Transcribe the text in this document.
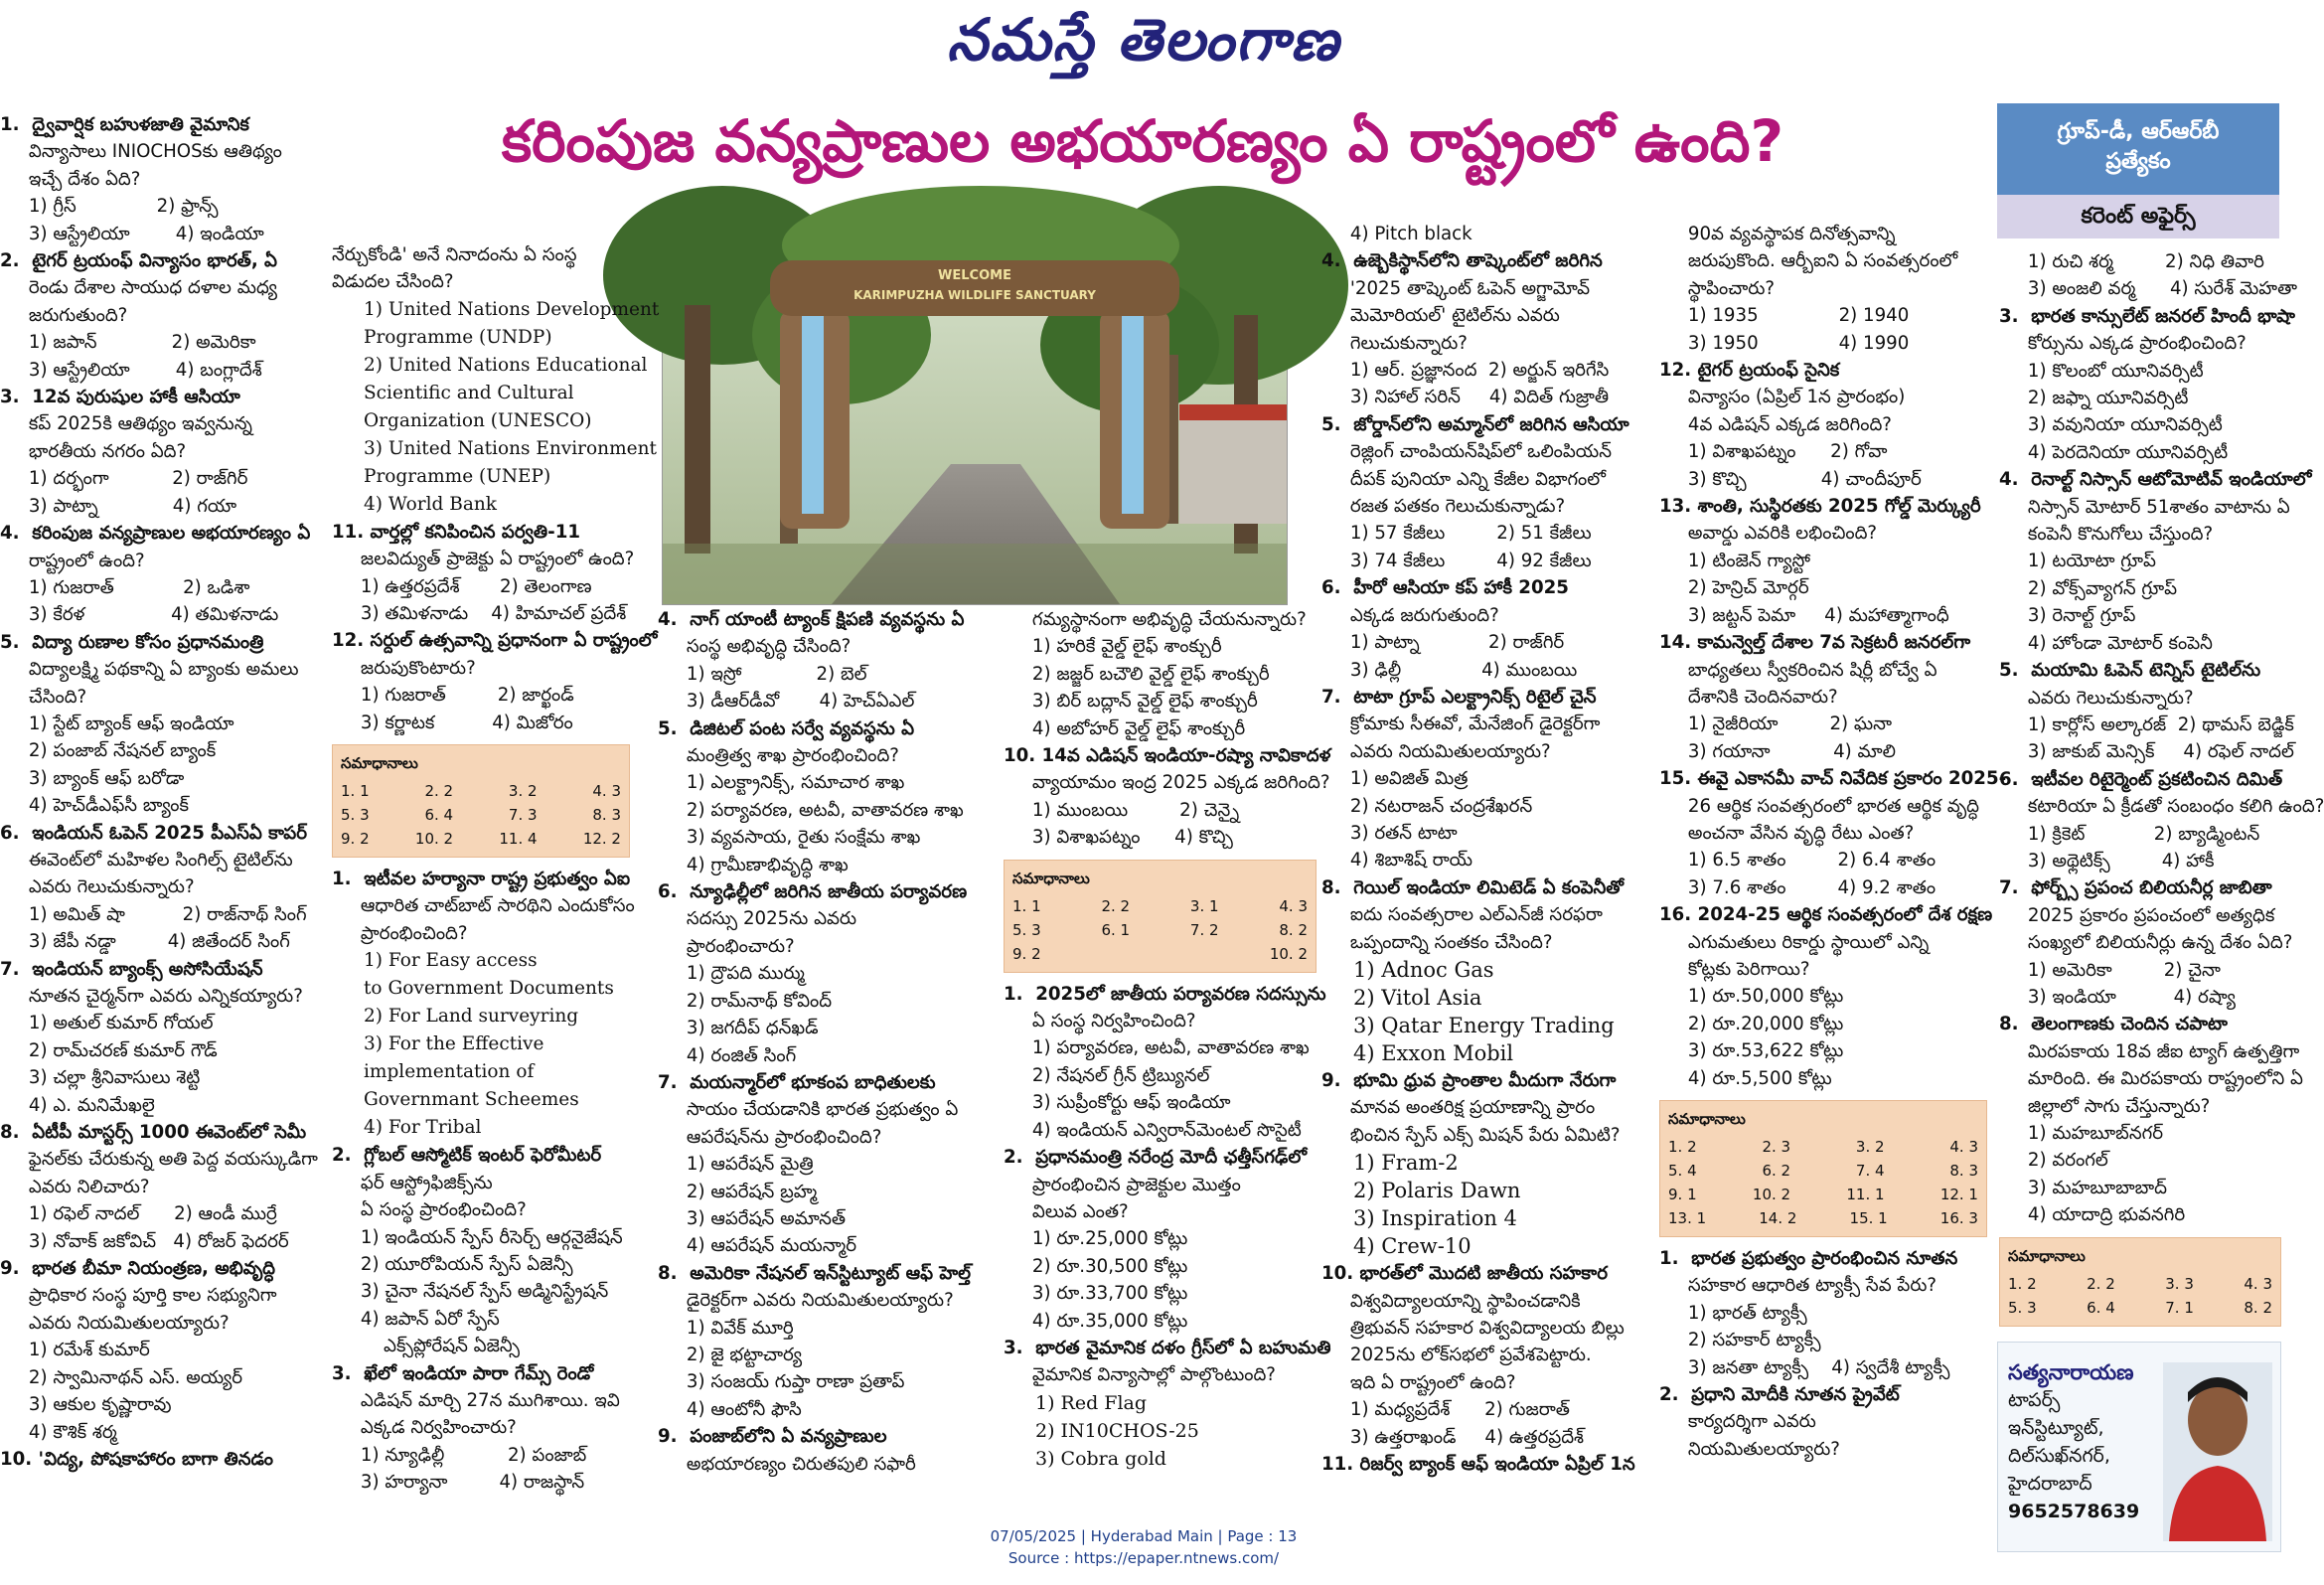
నమస్తే తెలంగాణ
కరింపుజ వన్యప్రాణుల అభయారణ్యం ఏ రాష్ట్రంలో ఉంది?	గ్రూప్-డీ, ఆర్ఆర్‌బీ
ప్రత్యేకం
కరెంట్ అఫైర్స్
WELCOME
KARIMPUZHA WILDLIFE SANCTUARY
1.  ద్వైవార్షిక బహుళజాతి వైమానిక
విన్యాసాలు INIOCHOSకు ఆతిథ్యం
ఇచ్చే దేశం ఏది?
1) గ్రీస్              2) ఫ్రాన్స్
3) ఆస్ట్రేలియా        4) ఇండియా
2.  టైగర్ ట్రయంఫ్ విన్యాసం భారత్, ఏ
రెండు దేశాల సాయుధ దళాల మధ్య
జరుగుతుంది?
1) జపాన్             2) అమెరికా
3) ఆస్ట్రేలియా        4) బంగ్లాదేశ్
3.  12వ పురుషుల హాకీ ఆసియా
కప్ 2025కి ఆతిథ్యం ఇవ్వనున్న
భారతీయ నగరం ఏది?
1) దర్భంగా           2) రాజ్‌గిర్
3) పాట్నా             4) గయా
4.  కరింపుజ వన్యప్రాణుల అభయారణ్యం ఏ
రాష్ట్రంలో ఉంది?
1) గుజరాత్            2) ఒడిశా
3) కేరళ               4) తమిళనాడు
5.  విద్యా రుణాల కోసం ప్రధానమంత్రి
విద్యాలక్ష్మి పథకాన్ని ఏ బ్యాంకు అమలు
చేసింది?
1) స్టేట్ బ్యాంక్ ఆఫ్ ఇండియా
2) పంజాబ్ నేషనల్ బ్యాంక్
3) బ్యాంక్ ఆఫ్ బరోడా
4) హెచ్‌డీఎఫ్‌సీ బ్యాంక్
6.  ఇండియన్ ఓపెన్ 2025 పీఎస్ఏ కాపర్
ఈవెంట్‌లో మహిళల సింగిల్స్ టైటిల్‌ను
ఎవరు గెలుచుకున్నారు?
1) అమిత్ షా          2) రాజ్‌నాథ్ సింగ్
3) జేపీ నడ్డా         4) జితేందర్ సింగ్
7.  ఇండియన్ బ్యాంక్స్ అసోసియేషన్
నూతన చైర్మన్‌గా ఎవరు ఎన్నికయ్యారు?
1) అతుల్ కుమార్ గోయల్
2) రామ్‌చరణ్ కుమార్ గౌడ్
3) చల్లా శ్రీనివాసులు శెట్టి
4) ఎ. మనిమేఖలై
8.  ఏటీపీ మాస్టర్స్ 1000 ఈవెంట్‌లో సెమీ
ఫైనల్‌కు చేరుకున్న అతి పెద్ద వయస్కుడిగా
ఎవరు నిలిచారు?
1) రఫెల్ నాదల్      2) ఆండీ ముర్రే
3) నోవాక్ జకోవిచ్   4) రోజర్ ఫెదరర్
9.  భారత బీమా నియంత్రణ, అభివృద్ధి
ప్రాధికార సంస్థ పూర్తి కాల సభ్యునిగా
ఎవరు నియమితులయ్యారు?
1) రమేశ్ కుమార్
2) స్వామినాథన్ ఎస్. అయ్యర్
3) ఆకుల కృష్ణారావు
4) కౌశిక్ శర్మ
10. 'విద్య, పోషకాహారం బాగా తినడం
నేర్చుకోండి' అనే నినాదంను ఏ సంస్థ
విడుదల చేసింది?
1) United Nations Development
Programme (UNDP)
2) United Nations Educational
Scientific and Cultural
Organization (UNESCO)
3) United Nations Environment
Programme (UNEP)
4) World Bank
11. వార్తల్లో కనిపించిన పర్వతి-11
జలవిద్యుత్ ప్రాజెక్టు ఏ రాష్ట్రంలో ఉంది?
1) ఉత్తరప్రదేశ్       2) తెలంగాణ
3) తమిళనాడు    4) హిమాచల్ ప్రదేశ్
12. సర్దుల్ ఉత్సవాన్ని ప్రధానంగా ఏ రాష్ట్రంలో
జరుపుకొంటారు?
1) గుజరాత్         2) జార్ఖండ్
3) కర్ణాటక          4) మిజోరం
సమాధానాలు
1. 1	2. 2	3. 2	4. 3
5. 3	6. 4	7. 3	8. 3
9. 2	10. 2	11. 4	12. 2
1.  ఇటీవల హర్యానా రాష్ట్ర ప్రభుత్వం ఏఐ
ఆధారిత చాట్‌బాట్ సారథిని ఎందుకోసం
ప్రారంభించింది?
1) For Easy access
to Government Documents
2) For Land surveyring
3) For the Effective
implementation of
Governmant Scheemes
4) For Tribal
2.  గ్లోబల్ ఆస్మోటిక్ ఇంటర్ ఫెరోమీటర్
ఫర్ ఆస్ట్రోఫిజిక్స్‌ను
ఏ సంస్థ ప్రారంభించింది?
1) ఇండియన్ స్పేస్ రీసెర్చ్ ఆర్గనైజేషన్
2) యూరోపియన్ స్పేస్ ఏజెన్సీ
3) చైనా నేషనల్ స్పేస్ అడ్మినిస్ట్రేషన్
4) జపాన్ ఏరో స్పేస్
ఎక్స్‌ప్లోరేషన్ ఏజెన్సీ
3.  ఖేలో ఇండియా పారా గేమ్స్ రెండో
ఎడిషన్ మార్చి 27న ముగిశాయి. ఇవి
ఎక్కడ నిర్వహించారు?
1) న్యూఢిల్లీ           2) పంజాబ్
3) హర్యానా         4) రాజస్థాన్
4.  నాగ్ యాంటీ ట్యాంక్ క్షిపణి వ్యవస్థను ఏ
సంస్థ అభివృద్ధి చేసింది?
1) ఇస్రో             2) బెల్
3) డీఆర్‌డీవో       4) హెచ్ఏఎల్
5.  డిజిటల్ పంట సర్వే వ్యవస్థను ఏ
మంత్రిత్వ శాఖ ప్రారంభించింది?
1) ఎలక్ట్రానిక్స్, సమాచార శాఖ
2) పర్యావరణ, అటవీ, వాతావరణ శాఖ
3) వ్యవసాయ, రైతు సంక్షేమ శాఖ
4) గ్రామీణాభివృద్ధి శాఖ
6.  న్యూఢిల్లీలో జరిగిన జాతీయ పర్యావరణ
సదస్సు 2025ను ఎవరు
ప్రారంభించారు?
1) ద్రౌపది ముర్ము
2) రామ్‌నాథ్ కోవింద్
3) జగదీప్ ధన్‌ఖడ్
4) రంజిత్ సింగ్
7.  మయన్మార్‌లో భూకంప బాధితులకు
సాయం చేయడానికి భారత ప్రభుత్వం ఏ
ఆపరేషన్‌ను ప్రారంభించింది?
1) ఆపరేషన్ మైత్రి
2) ఆపరేషన్ బ్రహ్మ
3) ఆపరేషన్ అమానత్
4) ఆపరేషన్ మయన్మార్
8.  అమెరికా నేషనల్ ఇన్‌స్టిట్యూట్ ఆఫ్ హెల్త్
డైరెక్టర్‌గా ఎవరు నియమితులయ్యారు?
1) వివేక్ మూర్తి
2) జై భట్టాచార్య
3) సంజయ్ గుప్తా రాణా ప్రతాప్
4) ఆంటోనీ ఫౌసి
9.  పంజాబ్‌లోని ఏ వన్యప్రాణుల
అభయారణ్యం చిరుతపులి సఫారీ
గమ్యస్థానంగా అభివృద్ధి చేయనున్నారు?
1) హరికే వైల్డ్ లైఫ్ శాంక్చురీ
2) జజ్జర్ బచౌలి వైల్డ్ లైఫ్ శాంక్చురీ
3) బిర్ బద్లాన్ వైల్డ్ లైఫ్ శాంక్చురీ
4) అబోహర్ వైల్డ్ లైఫ్ శాంక్చురీ
10. 14వ ఎడిషన్ ఇండియా-రష్యా నావికాదళ
వ్యాయామం ఇంద్ర 2025 ఎక్కడ జరిగింది?
1) ముంబయి         2) చెన్నై
3) విశాఖపట్నం      4) కొచ్చి
సమాధానాలు
1. 1	2. 2	3. 1	4. 3
5. 3	6. 1	7. 2	8. 2
9. 2	10. 2
1.  2025లో జాతీయ పర్యావరణ సదస్సును
ఏ సంస్థ నిర్వహించింది?
1) పర్యావరణ, అటవీ, వాతావరణ శాఖ
2) నేషనల్ గ్రీన్ ట్రిబ్యునల్
3) సుప్రీంకోర్టు ఆఫ్ ఇండియా
4) ఇండియన్ ఎన్విరాన్‌మెంటల్ సొసైటీ
2.  ప్రధానమంత్రి నరేంద్ర మోదీ ఛత్తీస్‌గఢ్‌లో
ప్రారంభించిన ప్రాజెక్టుల మొత్తం
విలువ ఎంత?
1) రూ.25,000 కోట్లు
2) రూ.30,500 కోట్లు
3) రూ.33,700 కోట్లు
4) రూ.35,000 కోట్లు
3.  భారత వైమానిక దళం గ్రీస్‌లో ఏ బహుమతి
వైమానిక విన్యాసాల్లో పాల్గొంటుంది?
1) Red Flag
2) IN10CHOS-25
3) Cobra gold
4) Pitch black
4.  ఉజ్బెకిస్థాన్‌లోని తాష్కెంట్‌లో జరిగిన
'2025 తాష్కెంట్ ఓపెన్ అగ్జామోవ్
మెమోరియల్' టైటిల్‌ను ఎవరు
గెలుచుకున్నారు?
1) ఆర్. ప్రజ్ఞానంద  2) అర్జున్ ఇరిగేసి
3) నిహాల్ సరిన్     4) విదిత్ గుజ్రాతీ
5.  జోర్డాన్‌లోని అమ్మాన్‌లో జరిగిన ఆసియా
రెజ్లింగ్ చాంపియన్‌షిప్‌లో ఒలింపియన్
దీపక్ పునియా ఎన్ని కేజీల విభాగంలో
రజత పతకం గెలుచుకున్నాడు?
1) 57 కేజీలు         2) 51 కేజీలు
3) 74 కేజీలు         4) 92 కేజీలు
6.  హీరో ఆసియా కప్ హాకీ 2025
ఎక్కడ జరుగుతుంది?
1) పాట్నా            2) రాజ్‌గిర్
3) ఢిల్లీ              4) ముంబయి
7.  టాటా గ్రూప్ ఎలక్ట్రానిక్స్ రిటైల్ చైన్
క్రోమాకు సీఈవో, మేనేజింగ్ డైరెక్టర్‌గా
ఎవరు నియమితులయ్యారు?
1) అవిజిత్ మిత్ర
2) నటరాజన్ చంద్రశేఖరన్
3) రతన్ టాటా
4) శిబాశిష్ రాయ్
8.  గెయిల్ ఇండియా లిమిటెడ్ ఏ కంపెనీతో
ఐదు సంవత్సరాల ఎల్ఎన్‌జీ సరఫరా
ఒప్పందాన్ని సంతకం చేసింది?
1) Adnoc Gas
2) Vitol Asia
3) Qatar Energy Trading
4) Exxon Mobil
9.  భూమి ధ్రువ ప్రాంతాల మీదుగా నేరుగా
మానవ అంతరిక్ష ప్రయాణాన్ని ప్రారం
భించిన స్పేస్ ఎక్స్ మిషన్ పేరు ఏమిటి?
1) Fram-2
2) Polaris Dawn
3) Inspiration 4
4) Crew-10
10. భారత్‌లో మొదటి జాతీయ సహకార
విశ్వవిద్యాలయాన్ని స్థాపించడానికి
త్రిభువన్ సహకార విశ్వవిద్యాలయ బిల్లు
2025ను లోక్‌సభలో ప్రవేశపెట్టారు.
ఇది ఏ రాష్ట్రంలో ఉంది?
1) మధ్యప్రదేశ్      2) గుజరాత్
3) ఉత్తరాఖండ్     4) ఉత్తరప్రదేశ్
11. రిజర్వ్ బ్యాంక్ ఆఫ్ ఇండియా ఏప్రిల్ 1న
90వ వ్యవస్థాపక దినోత్సవాన్ని
జరుపుకొంది. ఆర్బీఐని ఏ సంవత్సరంలో
స్థాపించారు?
1) 1935              2) 1940
3) 1950              4) 1990
12. టైగర్ ట్రయంఫ్ సైనిక
విన్యాసం (ఏప్రిల్ 1న ప్రారంభం)
4వ ఎడిషన్ ఎక్కడ జరిగింది?
1) విశాఖపట్నం      2) గోవా
3) కొచ్చి             4) చాందీపూర్
13. శాంతి, సుస్థిరతకు 2025 గోల్డ్ మెర్క్యురీ
అవార్డు ఎవరికి లభించింది?
1) టింజెన్ గ్యాస్టో
2) హెన్రిచ్ మోర్గర్
3) జట్టన్ పెమా     4) మహాత్మాగాంధీ
14. కామన్వెల్త్ దేశాల 7వ సెక్రటరీ జనరల్‌గా
బాధ్యతలు స్వీకరించిన షిర్లీ బోచ్వే ఏ
దేశానికి చెందినవారు?
1) నైజీరియా         2) ఘనా
3) గయానా           4) మాలి
15. ఈవై ఎకానమీ వాచ్ నివేదిక ప్రకారం 2025-
26 ఆర్థిక సంవత్సరంలో భారత ఆర్థిక వృద్ధి
అంచనా వేసిన వృద్ధి రేటు ఎంత?
1) 6.5 శాతం         2) 6.4 శాతం
3) 7.6 శాతం         4) 9.2 శాతం
16. 2024-25 ఆర్థిక సంవత్సరంలో దేశ రక్షణ
ఎగుమతులు రికార్డు స్థాయిలో ఎన్ని
కోట్లకు పెరిగాయి?
1) రూ.50,000 కోట్లు
2) రూ.20,000 కోట్లు
3) రూ.53,622 కోట్లు
4) రూ.5,500 కోట్లు
సమాధానాలు
1. 2	2. 3	3. 2	4. 3
5. 4	6. 2	7. 4	8. 3
9. 1	10. 2	11. 1	12. 1
13. 1	14. 2	15. 1	16. 3
1.  భారత ప్రభుత్వం ప్రారంభించిన నూతన
సహకార ఆధారిత ట్యాక్సీ సేవ పేరు?
1) భారత్ ట్యాక్సీ
2) సహకార్ ట్యాక్సీ
3) జనతా ట్యాక్సీ    4) స్వదేశీ ట్యాక్సీ
2.  ప్రధాని మోదీకి నూతన ప్రైవేట్
కార్యదర్శిగా ఎవరు
నియమితులయ్యారు?
1) రుచి శర్మ         2) నిధి తివారి
3) అంజలి వర్మ      4) సురేశ్ మెహతా
3.  భారత కాన్సులేట్ జనరల్ హిందీ భాషా
కోర్సును ఎక్కడ ప్రారంభించింది?
1) కొలంబో యూనివర్సిటీ
2) జఫ్నా యూనివర్సిటీ
3) వవునియా యూనివర్సిటీ
4) పెరదెనియా యూనివర్సిటీ
4.  రెనాల్ట్ నిస్సాన్ ఆటోమోటివ్ ఇండియాలో
నిస్సాన్ మోటార్ 51శాతం వాటాను ఏ
కంపెనీ కొనుగోలు చేస్తుంది?
1) టయోటా గ్రూప్
2) వోక్స్‌వ్యాగన్ గ్రూప్
3) రెనాల్ట్ గ్రూప్
4) హోండా మోటార్ కంపెనీ
5.  మయామి ఓపెన్ టెన్నిస్ టైటిల్‌ను
ఎవరు గెలుచుకున్నారు?
1) కార్లోస్ అల్కారజ్  2) థామస్ బెడ్జిక్
3) జాకుబ్ మెన్సిక్     4) రఫెల్ నాదల్
6.  ఇటీవల రిటైర్మెంట్ ప్రకటించిన దిమిత్
కటారియా ఏ క్రీడతో సంబంధం కలిగి ఉంది?
1) క్రికెట్            2) బ్యాడ్మింటన్
3) అథ్లెటిక్స్         4) హాకీ
7.  ఫోర్బ్స్ ప్రపంచ బిలియనీర్ల జాబితా
2025 ప్రకారం ప్రపంచంలో అత్యధిక
సంఖ్యలో బిలియనీర్లు ఉన్న దేశం ఏది?
1) అమెరికా         2) చైనా
3) ఇండియా          4) రష్యా
8.  తెలంగాణకు చెందిన చపాటా
మిరపకాయ 18వ జీఐ ట్యాగ్ ఉత్పత్తిగా
మారింది. ఈ మిరపకాయ రాష్ట్రంలోని ఏ
జిల్లాలో సాగు చేస్తున్నారు?
1) మహబూబ్‌నగర్
2) వరంగల్
3) మహబూబాబాద్
4) యాదాద్రి భువనగిరి
సమాధానాలు
1. 2	2. 2	3. 3	4. 3
5. 3	6. 4	7. 1	8. 2
సత్యనారాయణ
టాపర్స్ ఇన్‌స్టిట్యూట్,
దిల్‌సుఖ్‌నగర్,
హైదరాబాద్
9652578639
07/05/2025 | Hyderabad Main | Page : 13
Source : https://epaper.ntnews.com/
